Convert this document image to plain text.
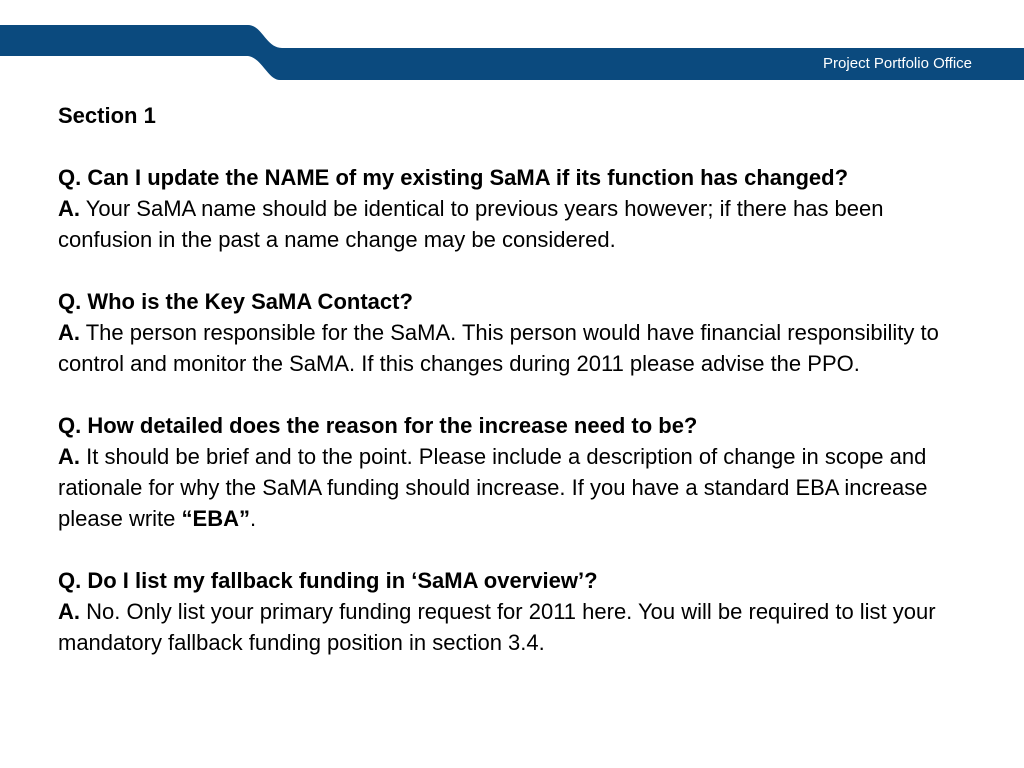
Project Portfolio Office
Section 1
Q. Can I update the NAME of my existing SaMA if its function has changed?
A. Your SaMA name should be identical to previous years however; if there has been confusion in the past a name change may be considered.
Q. Who is the Key SaMA Contact?
A. The person responsible for the SaMA. This person would have financial responsibility to control and monitor the SaMA. If this changes during 2011 please advise the PPO.
Q. How detailed does the reason for the increase need to be?
A. It should be brief and to the point. Please include a description of change in scope and rationale for why the SaMA funding should increase. If you have a standard EBA increase please write “EBA”.
Q. Do I list my fallback funding in ‘SaMA overview’?
A. No. Only list your primary funding request for 2011 here. You will be required to list your mandatory fallback funding position in section 3.4.
